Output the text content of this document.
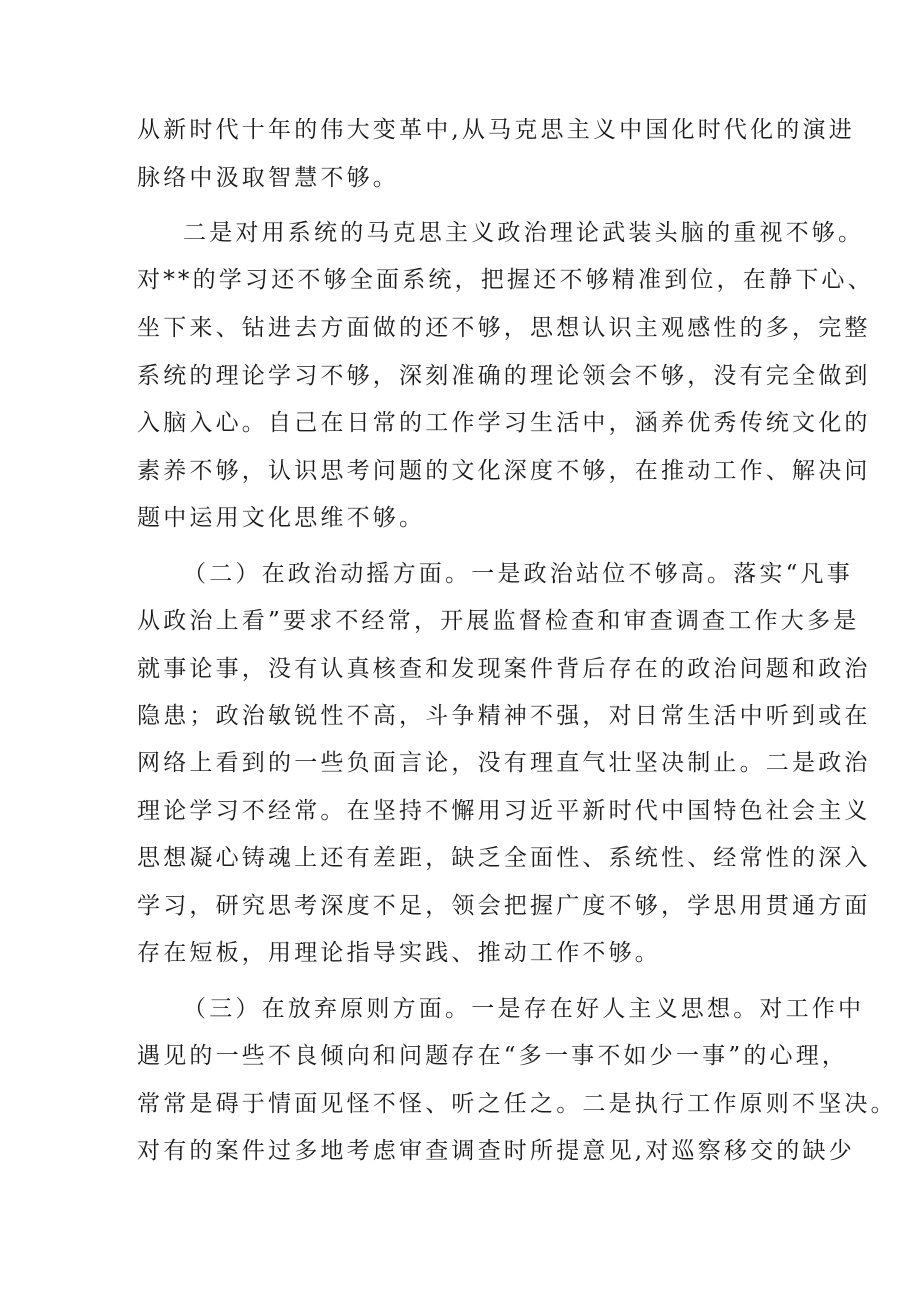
从新时代十年的伟大变革中,从马克思主义中国化时代化的演进
脉络中汲取智慧不够。
二是对用系统的马克思主义政治理论武装头脑的重视不够。
对**的学习还不够全面系统，把握还不够精准到位，在静下心、
坐下来、钻进去方面做的还不够，思想认识主观感性的多，完整
系统的理论学习不够，深刻准确的理论领会不够，没有完全做到
入脑入心。自己在日常的工作学习生活中，涵养优秀传统文化的
素养不够，认识思考问题的文化深度不够，在推动工作、解决问
题中运用文化思维不够。
（二）在政治动摇方面。一是政治站位不够高。落实“凡事
从政治上看”要求不经常，开展监督检查和审查调查工作大多是
就事论事，没有认真核查和发现案件背后存在的政治问题和政治
隐患；政治敏锐性不高，斗争精神不强，对日常生活中听到或在
网络上看到的一些负面言论，没有理直气壮坚决制止。二是政治
理论学习不经常。在坚持不懈用习近平新时代中国特色社会主义
思想凝心铸魂上还有差距，缺乏全面性、系统性、经常性的深入
学习，研究思考深度不足，领会把握广度不够，学思用贯通方面
存在短板，用理论指导实践、推动工作不够。
（三）在放弃原则方面。一是存在好人主义思想。对工作中
遇见的一些不良倾向和问题存在“多一事不如少一事”的心理，
常常是碍于情面见怪不怪、听之任之。二是执行工作原则不坚决。
对有的案件过多地考虑审查调查时所提意见,对巡察移交的缺少
